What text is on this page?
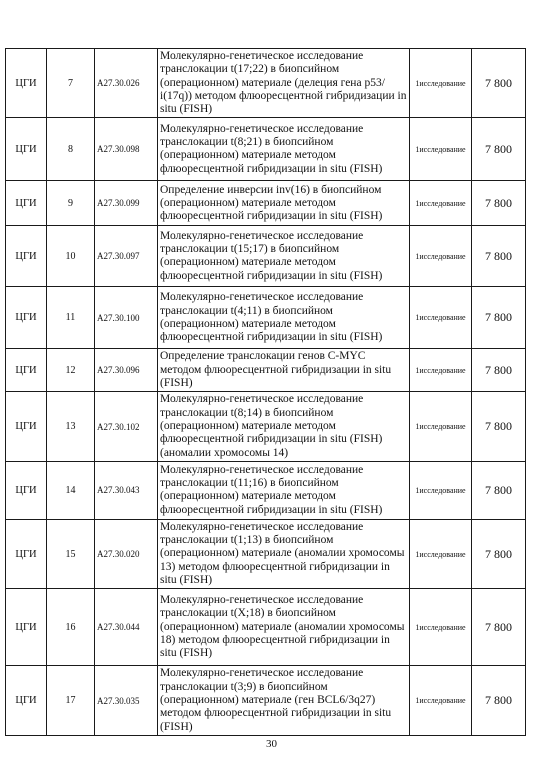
ЦГИ	7	A27.30.026	Молекулярно-генетическое исследование транслокации t(17;22) в биопсийном (операционном) материале (делеция гена p53/ i(17q)) методом флюоресцентной гибридизации in situ (FISH)	1исследование	7 800
ЦГИ	8	A27.30.098	Молекулярно-генетическое исследование транслокации t(8;21) в биопсийном (операционном) материале методом флюоресцентной гибридизации in situ (FISH)	1исследование	7 800
ЦГИ	9	A27.30.099	Определение инверсии inv(16) в биопсийном (операционном) материале методом флюоресцентной гибридизации in situ (FISH)	1исследование	7 800
ЦГИ	10	A27.30.097	Молекулярно-генетическое исследование транслокации t(15;17) в биопсийном (операционном) материале методом флюоресцентной гибридизации in situ (FISH)	1исследование	7 800
ЦГИ	11	A27.30.100	Молекулярно-генетическое исследование транслокации t(4;11) в биопсийном (операционном) материале методом флюоресцентной гибридизации in situ (FISH)	1исследование	7 800
ЦГИ	12	A27.30.096	Определение транслокации генов C-MYC методом флюоресцентной гибридизации in situ (FISH)	1исследование	7 800
ЦГИ	13	A27.30.102	Молекулярно-генетическое исследование транслокации t(8;14) в биопсийном (операционном) материале методом флюоресцентной гибридизации in situ (FISH) (аномалии хромосомы 14)	1исследование	7 800
ЦГИ	14	A27.30.043	Молекулярно-генетическое исследование транслокации t(11;16) в биопсийном (операционном) материале методом флюоресцентной гибридизации in situ (FISH)	1исследование	7 800
ЦГИ	15	A27.30.020	Молекулярно-генетическое исследование транслокации t(1;13) в биопсийном (операционном) материале (аномалии хромосомы 13) методом флюоресцентной гибридизации in situ (FISH)	1исследование	7 800
ЦГИ	16	A27.30.044	Молекулярно-генетическое исследование транслокации t(X;18) в биопсийном (операционном) материале (аномалии хромосомы 18) методом флюоресцентной гибридизации in situ (FISH)	1исследование	7 800
ЦГИ	17	A27.30.035	Молекулярно-генетическое исследование транслокации t(3;9) в биопсийном (операционном) материале (ген BCL6/3q27) методом флюоресцентной гибридизации in situ (FISH)	1исследование	7 800
30
